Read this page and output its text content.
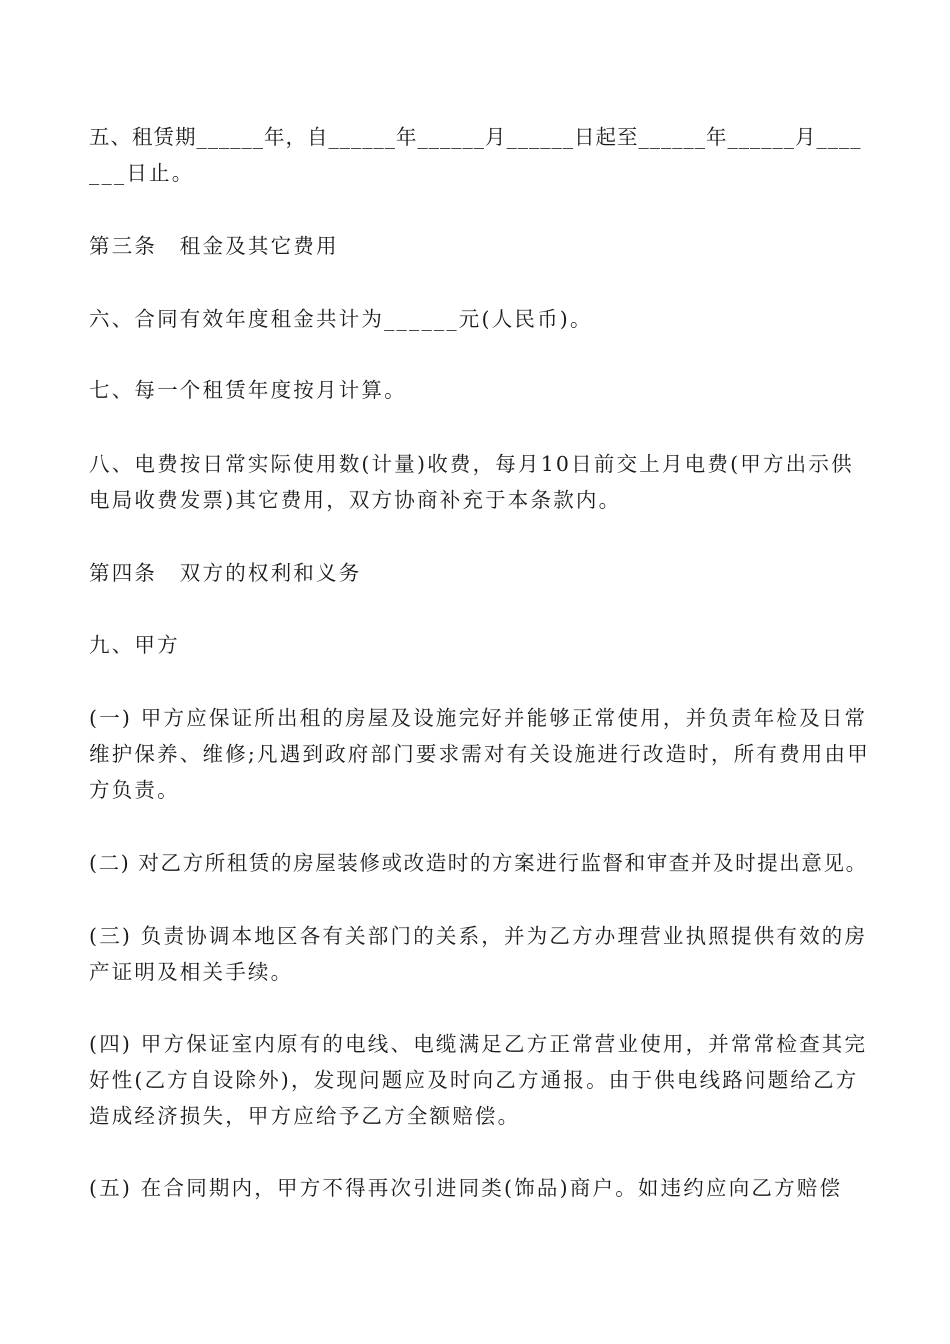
五、租赁期______年，自______年______月______日起至______年______月____
___日止。

第三条　租金及其它费用

六、合同有效年度租金共计为______元(人民币)。

七、每一个租赁年度按月计算。

八、电费按日常实际使用数(计量)收费，每月10日前交上月电费(甲方出示供
电局收费发票)其它费用，双方协商补充于本条款内。

第四条　双方的权利和义务

九、甲方

(一) 甲方应保证所出租的房屋及设施完好并能够正常使用，并负责年检及日常
维护保养、维修;凡遇到政府部门要求需对有关设施进行改造时，所有费用由甲
方负责。

(二) 对乙方所租赁的房屋装修或改造时的方案进行监督和审查并及时提出意见。

(三) 负责协调本地区各有关部门的关系，并为乙方办理营业执照提供有效的房
产证明及相关手续。

(四) 甲方保证室内原有的电线、电缆满足乙方正常营业使用，并常常检查其完
好性(乙方自设除外)，发现问题应及时向乙方通报。由于供电线路问题给乙方
造成经济损失，甲方应给予乙方全额赔偿。

(五) 在合同期内，甲方不得再次引进同类(饰品)商户。如违约应向乙方赔偿
